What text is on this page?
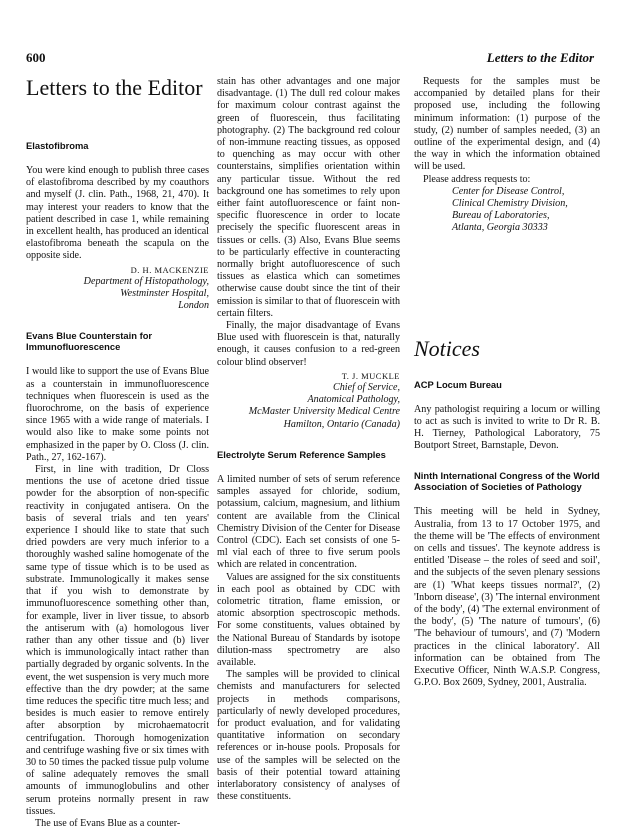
600	Letters to the Editor
Letters to the Editor
Elastofibroma

You were kind enough to publish three cases of elastofibroma described by my coauthors and myself (J. clin. Path., 1968, 21, 470). It may interest your readers to know that the patient described in case 1, while remaining in excellent health, has produced an identical elastofibroma beneath the scapula on the opposite side.

D. H. MACKENZIE
Department of Histopathology,
Westminster Hospital,
London
Evans Blue Counterstain for Immunofluorescence

I would like to support the use of Evans Blue as a counterstain in immunofluorescence techniques when fluorescein is used as the fluorochrome, on the basis of experience since 1965 with a wide range of materials. I would also like to make some points not emphasized in the paper by O. Closs (J. clin. Path., 27, 162-167).

First, in line with tradition, Dr Closs mentions the use of acetone dried tissue powder for the absorption of non-specific reactivity in conjugated antisera. On the basis of several trials and ten years' experience I should like to state that such dried powders are very much inferior to a thoroughly washed saline homogenate of the same type of tissue which is to be used as substrate. Immunologically it makes sense that if you wish to demonstrate by immunofluorescence something other than, for example, liver in liver tissue, to absorb the antiserum with (a) homologous liver rather than any other tissue and (b) liver which is immunologically intact rather than partially degraded by organic solvents. In the event, the wet suspension is very much more effective than the dry powder; at the same time reduces the specific titre much less; and besides is much easier to remove entirely after absorption by microhaematocrit centrifugation. Thorough homogenization and centrifuge washing five or six times with 30 to 50 times the packed tissue pulp volume of saline adequately removes the small amounts of immunoglobulins and other serum proteins normally present in raw tissues.

The use of Evans Blue as a counter-

stain has other advantages and one major disadvantage. (1) The dull red colour makes for maximum colour contrast against the green of fluorescein, thus facilitating photography. (2) The background red colour of non-immune reacting tissues, as opposed to quenching as may occur with other counterstains, simplifies orientation within any particular tissue. Without the red background one has sometimes to rely upon either faint autofluorescence or faint non-specific fluorescence in order to locate precisely the specific fluorescent areas in tissues or cells. (3) Also, Evans Blue seems to be particularly effective in counteracting normally bright autofluorescence of such tissues as elastica which can sometimes otherwise cause doubt since the tint of their emission is similar to that of fluorescein with certain filters.

Finally, the major disadvantage of Evans Blue used with fluorescein is that, naturally enough, it causes confusion to a red-green colour blind observer!

T. J. MUCKLE
Chief of Service,
Anatomical Pathology,
McMaster University Medical Centre
Hamilton, Ontario (Canada)
Electrolyte Serum Reference Samples

A limited number of sets of serum reference samples assayed for chloride, sodium, potassium, calcium, magnesium, and lithium content are available from the Clinical Chemistry Division of the Center for Disease Control (CDC). Each set consists of one 5-ml vial each of three to five serum pools which are related in concentration.

Values are assigned for the six constituents in each pool as obtained by CDC with colometric titration, flame emission, or atomic absorption spectroscopic methods. For some constituents, values obtained by the National Bureau of Standards by isotope dilution-mass spectrometry are also available.

The samples will be provided to clinical chemists and manufacturers for selected projects in methods comparisons, particularly of newly developed procedures, for product evaluation, and for validating quantitative information on secondary references or in-house pools. Proposals for use of the samples will be selected on the basis of their potential toward attaining interlaboratory consistency of analyses of these constituents.

Requests for the samples must be accompanied by detailed plans for their proposed use, including the following minimum information: (1) purpose of the study, (2) number of samples needed, (3) an outline of the experimental design, and (4) the way in which the information obtained will be used.

Please address requests to:

Center for Disease Control,
Clinical Chemistry Division,
Bureau of Laboratories,
Atlanta, Georgia 30333
Notices
ACP Locum Bureau

Any pathologist requiring a locum or willing to act as such is invited to write to Dr R. B. H. Tierney, Pathological Laboratory, 75 Boutport Street, Barnstaple, Devon.

Ninth International Congress of the World Association of Societies of Pathology

This meeting will be held in Sydney, Australia, from 13 to 17 October 1975, and the theme will be 'The effects of environment on cells and tissues'. The keynote address is entitled 'Disease – the roles of seed and soil', and the subjects of the seven plenary sessions are (1) 'What keeps tissues normal?', (2) 'Inborn disease', (3) 'The internal environment of the body', (4) 'The external environment of the body', (5) 'The nature of tumours', (6) 'The behaviour of tumours', and (7) 'Modern practices in the clinical laboratory'. All information can be obtained from The Executive Officer, Ninth W.A.S.P. Congress, G.P.O. Box 2609, Sydney, 2001, Australia.
